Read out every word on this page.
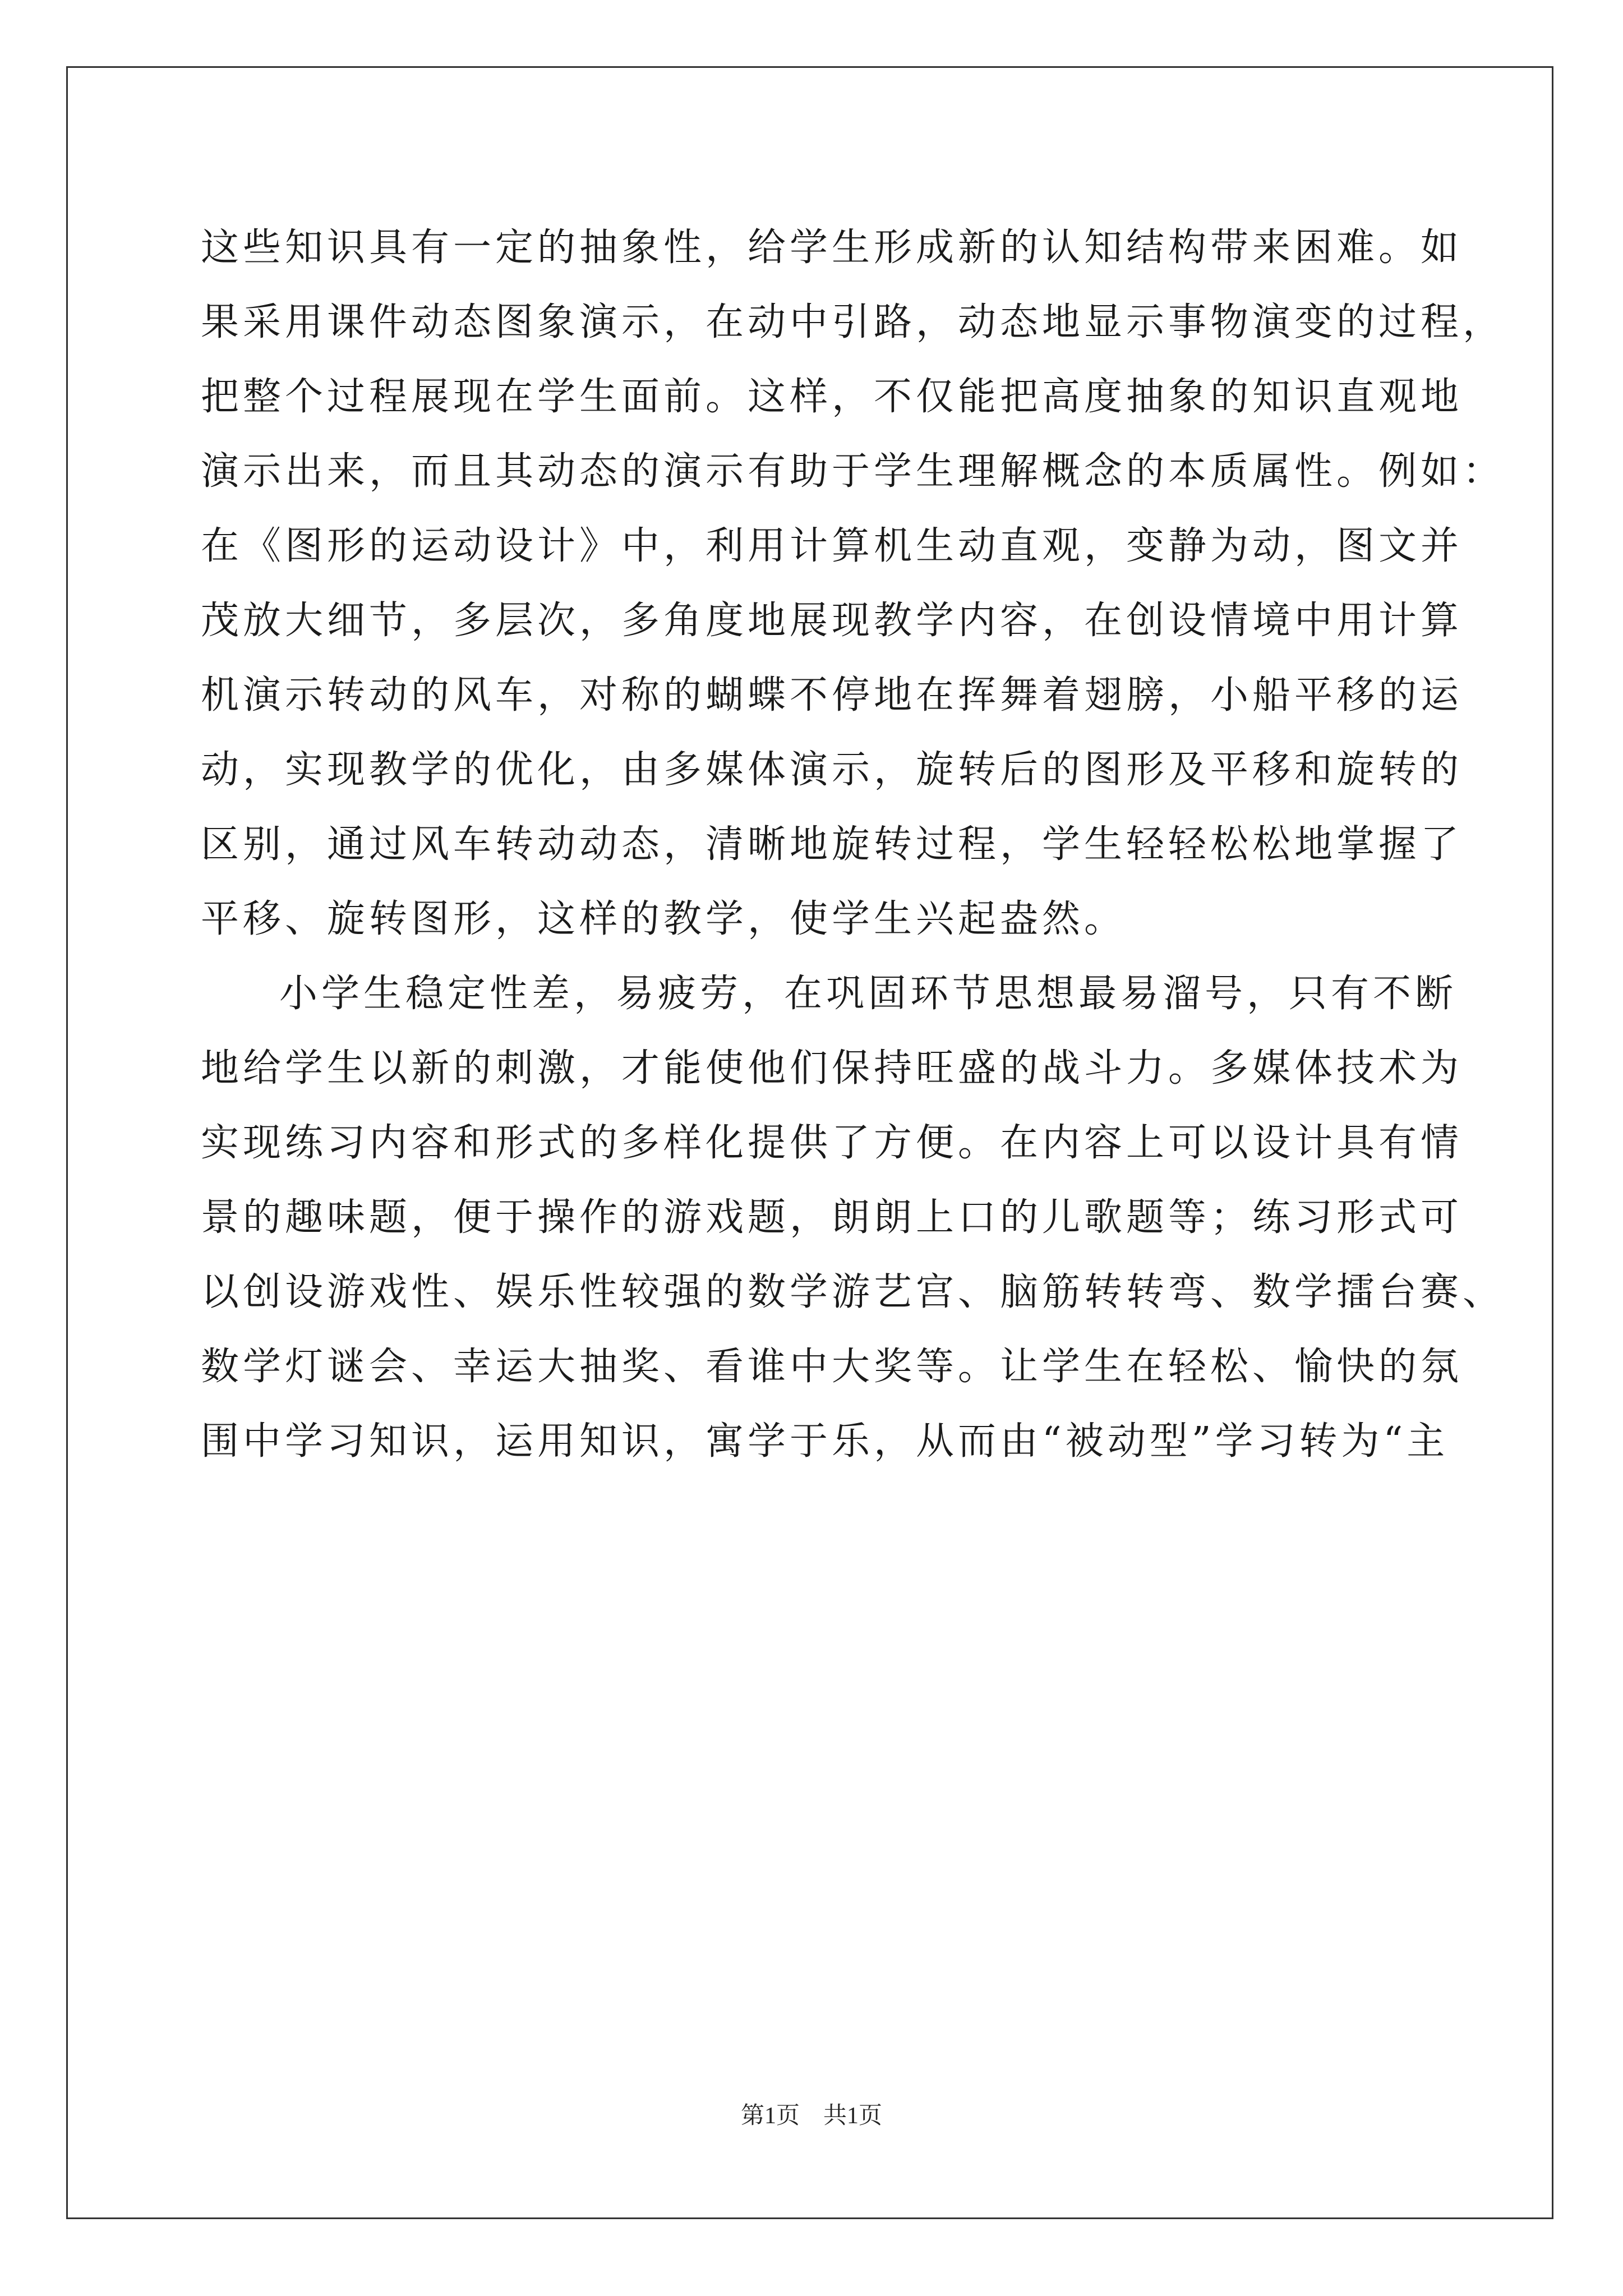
这些知识具有一定的抽象性，给学生形成新的认知结构带来困难。如
果采用课件动态图象演示，在动中引路，动态地显示事物演变的过程，
把整个过程展现在学生面前。这样，不仅能把高度抽象的知识直观地
演示出来，而且其动态的演示有助于学生理解概念的本质属性。例如：
在《图形的运动设计》中，利用计算机生动直观，变静为动，图文并
茂放大细节，多层次，多角度地展现教学内容，在创设情境中用计算
机演示转动的风车，对称的蝴蝶不停地在挥舞着翅膀，小船平移的运
动，实现教学的优化，由多媒体演示，旋转后的图形及平移和旋转的
区别，通过风车转动动态，清晰地旋转过程，学生轻轻松松地掌握了
平移、旋转图形，这样的教学，使学生兴起盎然。
小学生稳定性差，易疲劳，在巩固环节思想最易溜号，只有不断
地给学生以新的刺激，才能使他们保持旺盛的战斗力。多媒体技术为
实现练习内容和形式的多样化提供了方便。在内容上可以设计具有情
景的趣味题，便于操作的游戏题，朗朗上口的儿歌题等；练习形式可
以创设游戏性、娱乐性较强的数学游艺宫、脑筋转转弯、数学擂台赛、
数学灯谜会、幸运大抽奖、看谁中大奖等。让学生在轻松、愉快的氛
围中学习知识，运用知识，寓学于乐，从而由“被动型”学习转为“主
第1页　共1页
